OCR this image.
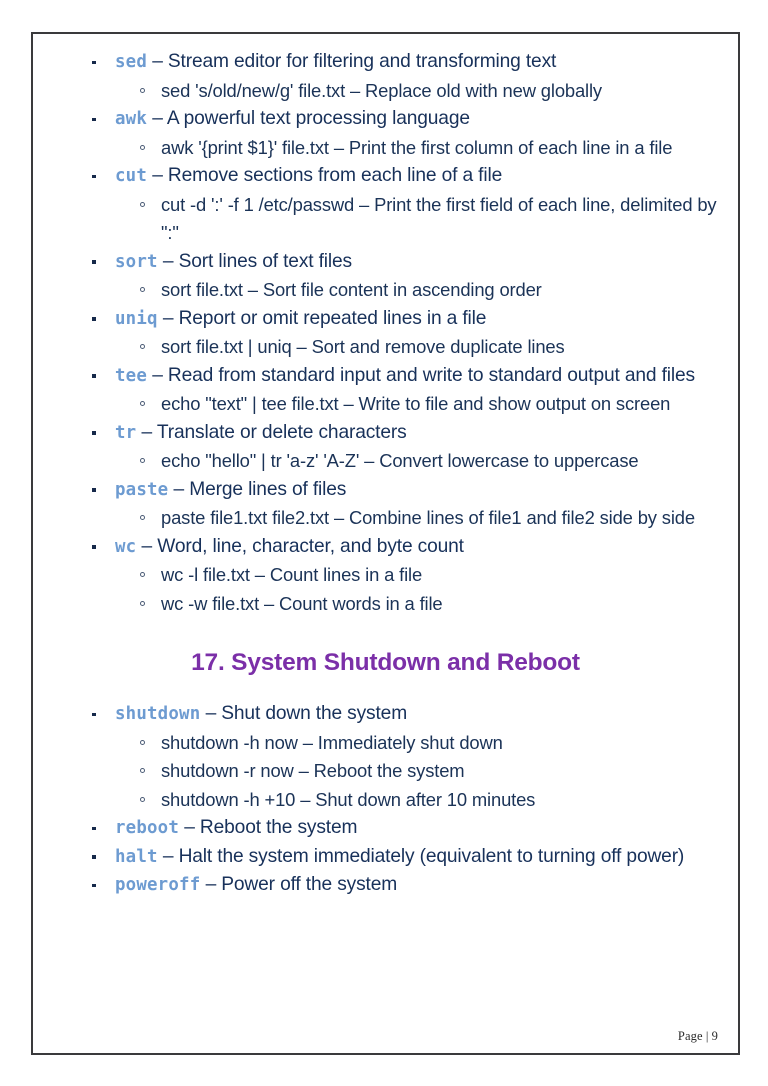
sed – Stream editor for filtering and transforming text
sed 's/old/new/g' file.txt – Replace old with new globally
awk – A powerful text processing language
awk '{print $1}' file.txt – Print the first column of each line in a file
cut – Remove sections from each line of a file
cut -d ':' -f 1 /etc/passwd – Print the first field of each line, delimited by ":"
sort – Sort lines of text files
sort file.txt – Sort file content in ascending order
uniq – Report or omit repeated lines in a file
sort file.txt | uniq – Sort and remove duplicate lines
tee – Read from standard input and write to standard output and files
echo "text" | tee file.txt – Write to file and show output on screen
tr – Translate or delete characters
echo "hello" | tr 'a-z' 'A-Z' – Convert lowercase to uppercase
paste – Merge lines of files
paste file1.txt file2.txt – Combine lines of file1 and file2 side by side
wc – Word, line, character, and byte count
wc -l file.txt – Count lines in a file
wc -w file.txt – Count words in a file
17. System Shutdown and Reboot
shutdown – Shut down the system
shutdown -h now – Immediately shut down
shutdown -r now – Reboot the system
shutdown -h +10 – Shut down after 10 minutes
reboot – Reboot the system
halt – Halt the system immediately (equivalent to turning off power)
poweroff – Power off the system
Page | 9
